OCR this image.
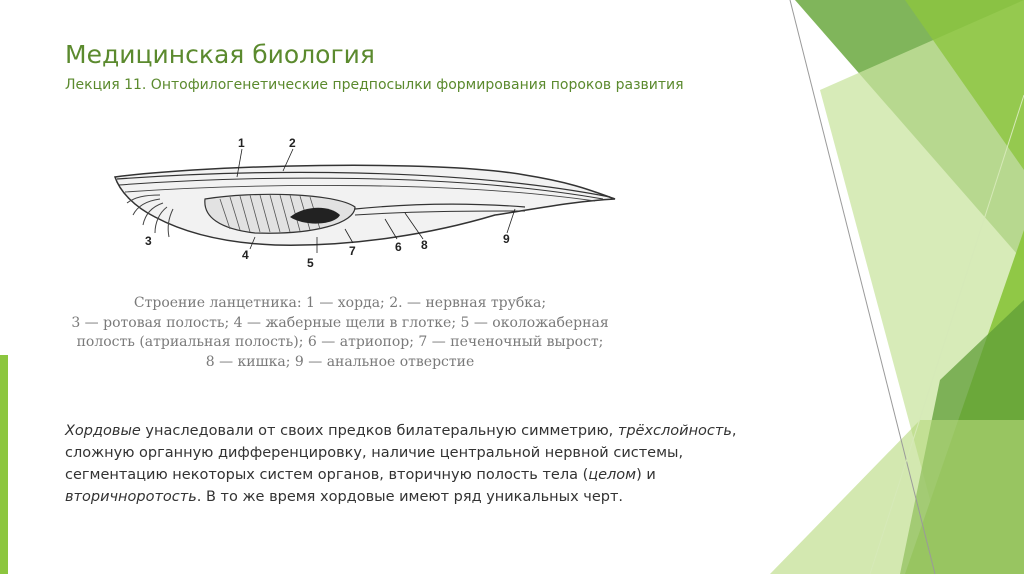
Медицинская биология
Лекция 11. Онтофилогенетические предпосылки формирования пороков развития
1	2
3
4
5
7	6 8	9
Строение ланцетника: 1 — хорда; 2. — нервная трубка;
3 — ротовая полость; 4 — жаберные щели в глотке; 5 — околожаберная
полость (атриальная полость); 6 — атриопор; 7 — печеночный вырост;
8 — кишка; 9 — анальное отверстие
Хордовые унаследовали от своих предков билатеральную симметрию, трёхслойность,
сложную органную дифференцировку, наличие центральной нервной системы,
сегментацию некоторых систем органов, вторичную полость тела (целом) и
вторичноротость. В то же время хордовые имеют ряд уникальных черт.
